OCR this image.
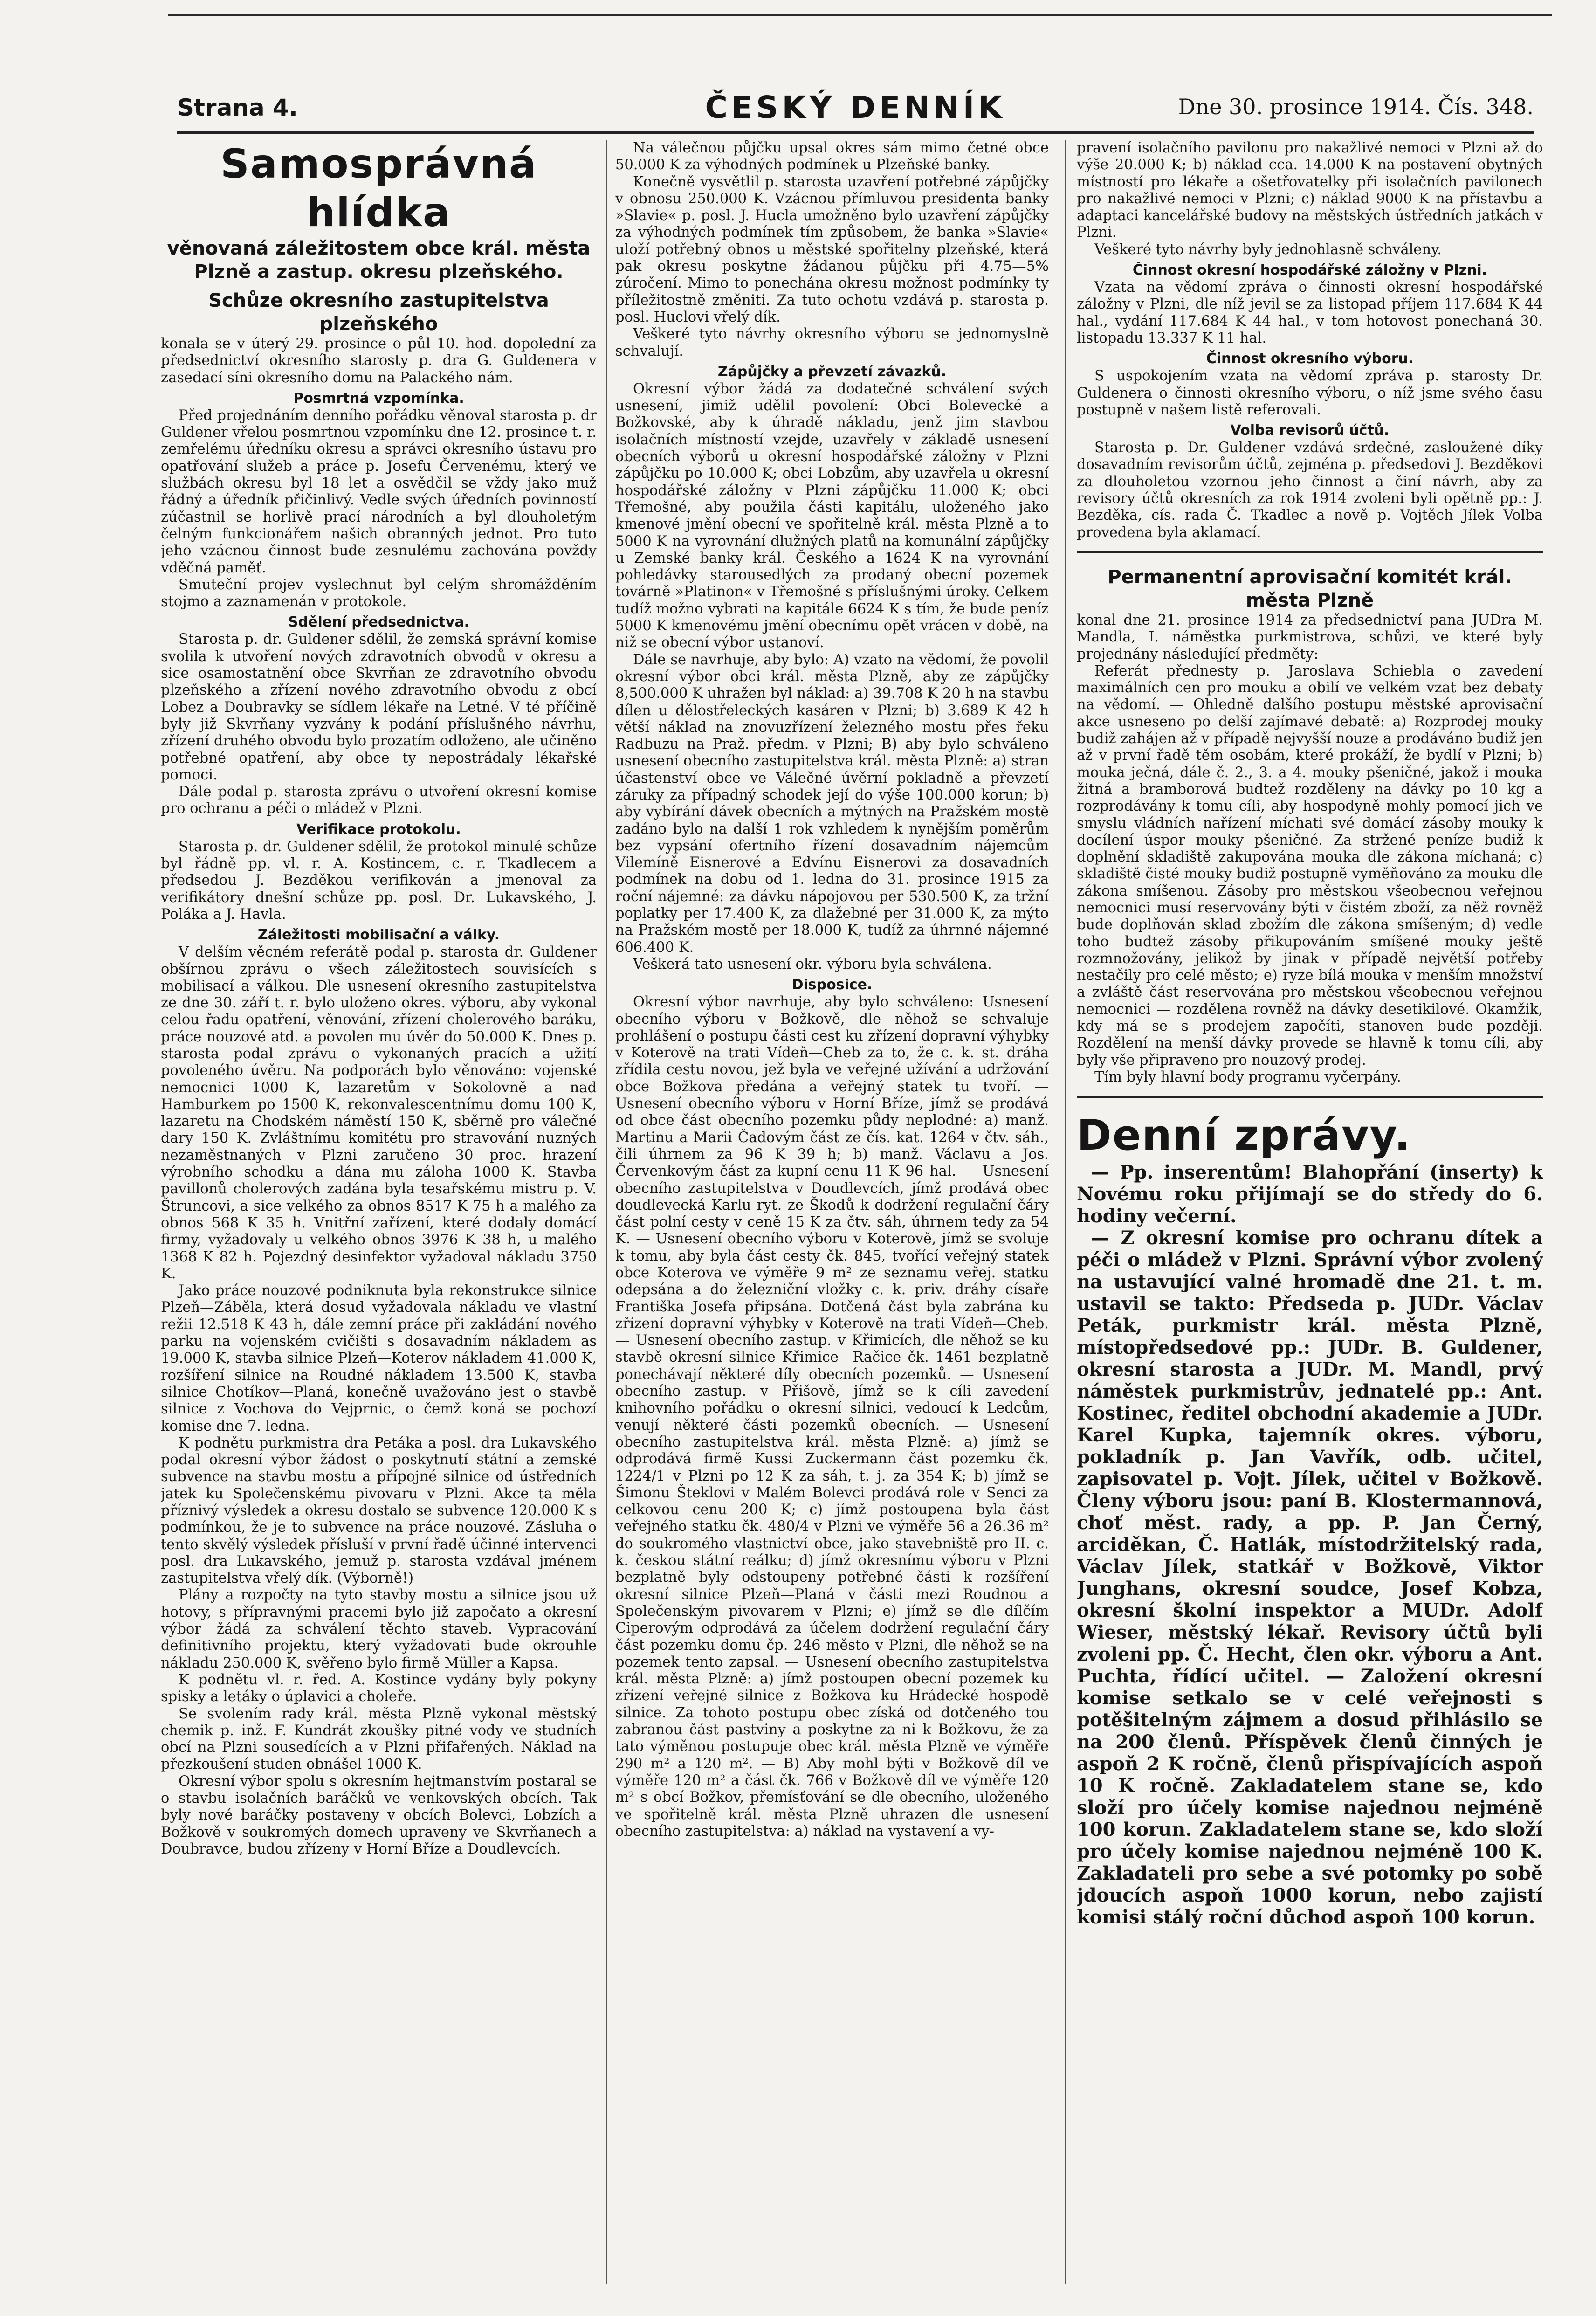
Strana 4.	ČESKÝ DENNÍK	Dne 30. prosince 1914. Čís. 348.
Samosprávná hlídka
věnovaná záležitostem obce král. města Plzně a zastup. okresu plzeňského.
Schůze okresního zastupitelstva plzeňského

konala se v úterý 29. prosince o půl 10. hod. dopolední za předsednictví okresního starosty p. dra G. Guldenera v zasedací síni okresního domu na Palackého nám.

Posmrtná vzpomínka.

Před projednáním denního pořádku věnoval starosta p. dr Guldener vřelou posmrtnou vzpomínku dne 12. prosince t. r. zemřelému úředníku okresu a správci okresního ústavu pro opatřování služeb a práce p. Josefu Červenému, který ve službách okresu byl 18 let a osvědčil se vždy jako muž řádný a úředník přičinlivý. Vedle svých úředních povinností zúčastnil se horlivě prací národních a byl dlouholetým čelným funkcionářem našich obranných jednot. Pro tuto jeho vzácnou činnost bude zesnulému zachována povždy vděčná paměť.

Smuteční projev vyslechnut byl celým shromážděním stojmo a zaznamenán v protokole.

Sdělení předsednictva.

Starosta p. dr. Guldener sdělil, že zemská správní komise svolila k utvoření nových zdravotních obvodů v okresu a sice osamostatnění obce Skvrňan ze zdravotního obvodu plzeňského a zřízení nového zdravotního obvodu z obcí Lobez a Doubravky se sídlem lékaře na Letné. V té příčině byly již Skvrňany vyzvány k podání příslušného návrhu, zřízení druhého obvodu bylo prozatím odloženo, ale učiněno potřebné opatření, aby obce ty nepostrádaly lékařské pomoci.

Dále podal p. starosta zprávu o utvoření okresní komise pro ochranu a péči o mládež v Plzni.

Verifikace protokolu.

Starosta p. dr. Guldener sdělil, že protokol minulé schůze byl řádně pp. vl. r. A. Kostincem, c. r. Tkadlecem a předsedou J. Bezděkou verifikován a jmenoval za verifikátory dnešní schůze pp. posl. Dr. Lukavského, J. Poláka a J. Havla.

Záležitosti mobilisační a války.

V delším věcném referátě podal p. starosta dr. Guldener obšírnou zprávu o všech záležitostech souvisících s mobilisací a válkou. Dle usnesení okresního zastupitelstva ze dne 30. září t. r. bylo uloženo okres. výboru, aby vykonal celou řadu opatření, věnování, zřízení cholerového baráku, práce nouzové atd. a povolen mu úvěr do 50.000 K. Dnes p. starosta podal zprávu o vykonaných pracích a užití povoleného úvěru. Na podporách bylo věnováno: vojenské nemocnici 1000 K, lazaretům v Sokolovně a nad Hamburkem po 1500 K, rekonvalescentnímu domu 100 K, lazaretu na Chodském náměstí 150 K, sběrně pro válečné dary 150 K. Zvláštnímu komitétu pro stravování nuzných nezaměstnaných v Plzni zaručeno 30 proc. hrazení výrobního schodku a dána mu záloha 1000 K. Stavba pavillonů cholerových zadána byla tesařskému mistru p. V. Štruncovi, a sice velkého za obnos 8517 K 75 h a malého za obnos 568 K 35 h. Vnitřní zařízení, které dodaly domácí firmy, vyžadovaly u velkého obnos 3976 K 38 h, u malého 1368 K 82 h. Pojezdný desinfektor vyžadoval nákladu 3750 K.

Jako práce nouzové podniknuta byla rekonstrukce silnice Plzeň—Záběla, která dosud vyžadovala nákladu ve vlastní režii 12.518 K 43 h, dále zemní práce při zakládání nového parku na vojenském cvičišti s dosavadním nákladem as 19.000 K, stavba silnice Plzeň—Koterov nákladem 41.000 K, rozšíření silnice na Roudné nákladem 13.500 K, stavba silnice Chotíkov—Planá, konečně uvažováno jest o stavbě silnice z Vochova do Vejprnic, o čemž koná se pochozí komise dne 7. ledna.

K podnětu purkmistra dra Petáka a posl. dra Lukavského podal okresní výbor žádost o poskytnutí státní a zemské subvence na stavbu mostu a přípojné silnice od ústředních jatek ku Společenskému pivovaru v Plzni. Akce ta měla příznivý výsledek a okresu dostalo se subvence 120.000 K s podmínkou, že je to subvence na práce nouzové. Zásluha o tento skvělý výsledek přísluší v první řadě účinné intervenci posl. dra Lukavského, jemuž p. starosta vzdával jménem zastupitelstva vřelý dík. (Výborně!)

Plány a rozpočty na tyto stavby mostu a silnice jsou už hotovy, s přípravnými pracemi bylo již započato a okresní výbor žádá za schválení těchto staveb. Vypracování definitivního projektu, který vyžadovati bude okrouhle nákladu 250.000 K, svěřeno bylo firmě Müller a Kapsa.

K podnětu vl. r. řed. A. Kostince vydány byly pokyny spisky a letáky o úplavici a choleře.

Se svolením rady král. města Plzně vykonal městský chemik p. inž. F. Kundrát zkoušky pitné vody ve studních obcí na Plzni sousedících a v Plzni přifařených. Náklad na přezkoušení studen obnášel 1000 K.

Okresní výbor spolu s okresním hejtmanstvím postaral se o stavbu isolačních baráčků ve venkovských obcích. Tak byly nové baráčky postaveny v obcích Bolevci, Lobzích a Božkově v soukromých domech upraveny ve Skvrňanech a Doubravce, budou zřízeny v Horní Bříze a Doudlevcích.

Na válečnou půjčku upsal okres sám mimo četné obce 50.000 K za výhodných podmínek u Plzeňské banky.

Konečně vysvětlil p. starosta uzavření potřebné zápůjčky v obnosu 250.000 K. Vzácnou přímluvou presidenta banky »Slavie« p. posl. J. Hucla umožněno bylo uzavření zápůjčky za výhodných podmínek tím způsobem, že banka »Slavie« uloží potřebný obnos u městské spořitelny plzeňské, která pak okresu poskytne žádanou půjčku při 4.75—5% zúročení. Mimo to ponechána okresu možnost podmínky ty příležitostně změniti. Za tuto ochotu vzdává p. starosta p. posl. Huclovi vřelý dík.

Veškeré tyto návrhy okresního výboru se jednomyslně schvalují.

Zápůjčky a převzetí závazků.

Okresní výbor žádá za dodatečné schválení svých usnesení, jimiž udělil povolení: Obci Bolevecké a Božkovské, aby k úhradě nákladu, jenž jim stavbou isolačních místností vzejde, uzavřely v základě usnesení obecních výborů u okresní hospodářské záložny v Plzni zápůjčku po 10.000 K; obci Lobzům, aby uzavřela u okresní hospodářské záložny v Plzni zápůjčku 11.000 K; obci Třemošné, aby použila části kapitálu, uloženého jako kmenové jmění obecní ve spořitelně král. města Plzně a to 5000 K na vyrovnání dlužných platů na komunální zápůjčky u Zemské banky král. Českého a 1624 K na vyrovnání pohledávky starousedlých za prodaný obecní pozemek továrně »Platinon« v Třemošné s příslušnými úroky. Celkem tudíž možno vybrati na kapitále 6624 K s tím, že bude peníz 5000 K kmenovému jmění obecnímu opět vrácen v době, na niž se obecní výbor ustanoví.

Dále se navrhuje, aby bylo: A) vzato na vědomí, že povolil okresní výbor obci král. města Plzně, aby ze zápůjčky 8,500.000 K uhražen byl náklad: a) 39.708 K 20 h na stavbu dílen u dělostřeleckých kasáren v Plzni; b) 3.689 K 42 h větší náklad na znovuzřízení železného mostu přes řeku Radbuzu na Praž. předm. v Plzni; B) aby bylo schváleno usnesení obecního zastupitelstva král. města Plzně: a) stran účastenství obce ve Válečné úvěrní pokladně a převzetí záruky za případný schodek její do výše 100.000 korun; b) aby vybírání dávek obecních a mýtných na Pražském mostě zadáno bylo na další 1 rok vzhledem k nynějším poměrům bez vypsání ofertního řízení dosavadním nájemcům Vilemíně Eisnerové a Edvínu Eisnerovi za dosavadních podmínek na dobu od 1. ledna do 31. prosince 1915 za roční nájemné: za dávku nápojovou per 530.500 K, za tržní poplatky per 17.400 K, za dlažebné per 31.000 K, za mýto na Pražském mostě per 18.000 K, tudíž za úhrnné nájemné 606.400 K.

Veškerá tato usnesení okr. výboru byla schválena.

Disposice.

Okresní výbor navrhuje, aby bylo schváleno: Usnesení obecního výboru v Božkově, dle něhož se schvaluje prohlášení o postupu části cest ku zřízení dopravní výhybky v Koterově na trati Vídeň—Cheb za to, že c. k. st. dráha zřídila cestu novou, jež byla ve veřejné užívání a udržování obce Božkova předána a veřejný statek tu tvoří. — Usnesení obecního výboru v Horní Bříze, jímž se prodává od obce část obecního pozemku půdy neplodné: a) manž. Martinu a Marii Čadovým část ze čís. kat. 1264 v čtv. sáh., čili úhrnem za 96 K 39 h; b) manž. Václavu a Jos. Červenkovým část za kupní cenu 11 K 96 hal. — Usnesení obecního zastupitelstva v Doudlevcích, jímž prodává obec doudlevecká Karlu ryt. ze Škodů k dodržení regulační čáry část polní cesty v ceně 15 K za čtv. sáh, úhrnem tedy za 54 K. — Usnesení obecního výboru v Koterově, jímž se svoluje k tomu, aby byla část cesty čk. 845, tvořící veřejný statek obce Koterova ve výměře 9 m² ze seznamu veřej. statku odepsána a do železniční vložky c. k. priv. dráhy císaře Františka Josefa připsána. Dotčená část byla zabrána ku zřízení dopravní výhybky v Koterově na trati Vídeň—Cheb. — Usnesení obecního zastup. v Křimicích, dle něhož se ku stavbě okresní silnice Křimice—Račice čk. 1461 bezplatně ponechávají některé díly obecních pozemků. — Usnesení obecního zastup. v Přišově, jímž se k cíli zavedení knihovního pořádku o okresní silnici, vedoucí k Ledcům, venují některé části pozemků obecních. — Usnesení obecního zastupitelstva král. města Plzně: a) jímž se odprodává firmě Kussi Zuckermann část pozemku čk. 1224/1 v Plzni po 12 K za sáh, t. j. za 354 K; b) jímž se Šimonu Šteklovi v Malém Bolevci prodává role v Senci za celkovou cenu 200 K; c) jímž postoupena byla část veřejného statku čk. 480/4 v Plzni ve výměře 56 a 26.36 m² do soukromého vlastnictví obce, jako stavebniště pro II. c. k. českou státní reálku; d) jímž okresnímu výboru v Plzni bezplatně byly odstoupeny potřebné části k rozšíření okresní silnice Plzeň—Planá v části mezi Roudnou a Společenským pivovarem v Plzni; e) jímž se dle dílčím Ciperovým odprodává za účelem dodržení regulační čáry část pozemku domu čp. 246 město v Plzni, dle něhož se na pozemek tento zapsal. — Usnesení obecního zastupitelstva král. města Plzně: a) jímž postoupen obecní pozemek ku zřízení veřejné silnice z Božkova ku Hrádecké hospodě silnice. Za tohoto postupu obec získá od dotčeného tou zabranou část pastviny a poskytne za ni k Božkovu, že za tato výměnou postupuje obec král. města Plzně ve výměře 290 m² a 120 m². — B) Aby mohl býti v Božkově díl ve výměře 120 m² a část čk. 766 v Božkově díl ve výměře 120 m² s obcí Božkov, přemísťování se dle obecního, uloženého ve spořitelně král. města Plzně uhrazen dle usnesení obecního zastupitelstva: a) náklad na vystavení a vy-

pravení isolačního pavilonu pro nakažlivé nemoci v Plzni až do výše 20.000 K; b) náklad cca. 14.000 K na postavení obytných místností pro lékaře a ošetřovatelky při isolačních pavilonech pro nakažlivé nemoci v Plzni; c) náklad 9000 K na přístavbu a adaptaci kancelářské budovy na městských ústředních jatkách v Plzni.

Veškeré tyto návrhy byly jednohlasně schváleny.

Činnost okresní hospodářské záložny v Plzni.

Vzata na vědomí zpráva o činnosti okresní hospodářské záložny v Plzni, dle níž jevil se za listopad příjem 117.684 K 44 hal., vydání 117.684 K 44 hal., v tom hotovost ponechaná 30. listopadu 13.337 K 11 hal.

Činnost okresního výboru.

S uspokojením vzata na vědomí zpráva p. starosty Dr. Guldenera o činnosti okresního výboru, o níž jsme svého času postupně v našem listě referovali.

Volba revisorů účtů.

Starosta p. Dr. Guldener vzdává srdečné, zasloužené díky dosavadním revisorům účtů, zejména p. předsedovi J. Bezděkovi za dlouholetou vzornou jeho činnost a činí návrh, aby za revisory účtů okresních za rok 1914 zvoleni byli opětně pp.: J. Bezděka, cís. rada Č. Tkadlec a nově p. Vojtěch Jílek Volba provedena byla aklamací.

Permanentní aprovisační komitét král. města Plzně

konal dne 21. prosince 1914 za předsednictví pana JUDra M. Mandla, I. náměstka purkmistrova, schůzi, ve které byly projednány následující předměty:

Referát přednesty p. Jaroslava Schiebla o zavedení maximálních cen pro mouku a obilí ve velkém vzat bez debaty na vědomí. — Ohledně dalšího postupu městské aprovisační akce usneseno po delší zajímavé debatě: a) Rozprodej mouky budiž zahájen až v případě nejvyšší nouze a prodáváno budiž jen až v první řadě těm osobám, které prokáží, že bydlí v Plzni; b) mouka ječná, dále č. 2., 3. a 4. mouky pšeničné, jakož i mouka žitná a bramborová budtež rozděleny na dávky po 10 kg a rozprodávány k tomu cíli, aby hospodyně mohly pomocí jich ve smyslu vládních nařízení míchati své domácí zásoby mouky k docílení úspor mouky pšeničné. Za stržené peníze budiž k doplnění skladiště zakupována mouka dle zákona míchaná; c) skladiště čisté mouky budiž postupně vyměňováno za mouku dle zákona smíšenou. Zásoby pro městskou všeobecnou veřejnou nemocnici musí reservovány býti v čistém zboží, za něž rovněž bude doplňován sklad zbožím dle zákona smíšeným; d) vedle toho budtež zásoby přikupováním smíšené mouky ještě rozmnožovány, jelikož by jinak v případě největší potřeby nestačily pro celé město; e) ryze bílá mouka v menším množství a zvláště část reservována pro městskou všeobecnou veřejnou nemocnici — rozdělena rovněž na dávky desetikilové. Okamžik, kdy má se s prodejem započíti, stanoven bude později. Rozdělení na menší dávky provede se hlavně k tomu cíli, aby byly vše připraveno pro nouzový prodej.

Tím byly hlavní body programu vyčerpány.

Denní zprávy.

— Pp. inserentům! Blahopřání (inserty) k Novému roku přijímají se do středy do 6. hodiny večerní.

— Z okresní komise pro ochranu dítek a péči o mládež v Plzni. Správní výbor zvolený na ustavující valné hromadě dne 21. t. m. ustavil se takto: Předseda p. JUDr. Václav Peták, purkmistr král. města Plzně, místopředsedové pp.: JUDr. B. Guldener, okresní starosta a JUDr. M. Mandl, prvý náměstek purkmistrův, jednatelé pp.: Ant. Kostinec, ředitel obchodní akademie a JUDr. Karel Kupka, tajemník okres. výboru, pokladník p. Jan Vavřík, odb. učitel, zapisovatel p. Vojt. Jílek, učitel v Božkově. Členy výboru jsou: paní B. Klostermannová, choť měst. rady, a pp. P. Jan Černý, arciděkan, Č. Hatlák, místodržitelský rada, Václav Jílek, statkář v Božkově, Viktor Junghans, okresní soudce, Josef Kobza, okresní školní inspektor a MUDr. Adolf Wieser, městský lékař. Revisory účtů byli zvoleni pp. Č. Hecht, člen okr. výboru a Ant. Puchta, řídící učitel. — Založení okresní komise setkalo se v celé veřejnosti s potěšitelným zájmem a dosud přihlásilo se na 200 členů. Příspěvek členů činných je aspoň 2 K ročně, členů přispívajících aspoň 10 K ročně. Zakladatelem stane se, kdo složí pro účely komise najednou nejméně 100 korun. Zakladatelem stane se, kdo složí pro účely komise najednou nejméně 100 K. Zakladateli pro sebe a své potomky po sobě jdoucích aspoň 1000 korun, nebo zajistí komisi stálý roční důchod aspoň 100 korun.
